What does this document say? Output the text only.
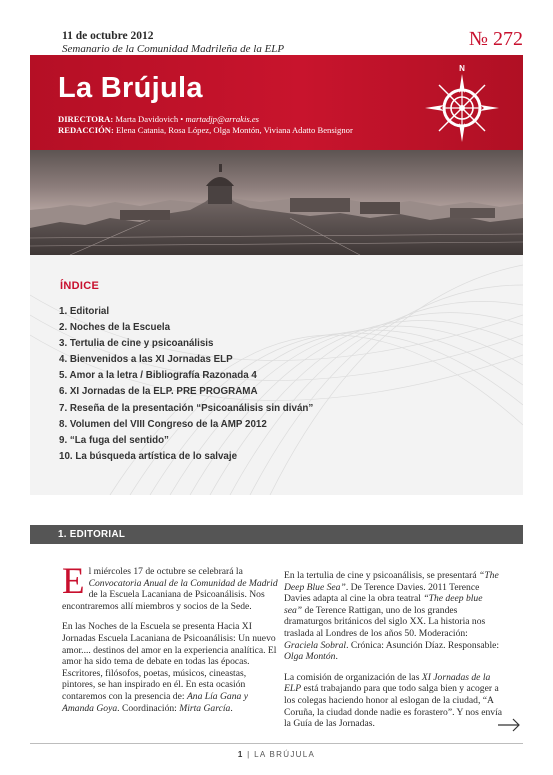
11 de octubre 2012
Semanario de la Comunidad Madrileña de la ELP	№ 272
La Brújula
DIRECTORA: Marta Davidovich • martadjp@arrakis.es
REDACCIÓN: Elena Catania, Rosa López, Olga Montón, Viviana Adatto Bensignor
N
ÍNDICE
1. Editorial
2. Noches de la Escuela
3. Tertulia de cine y psicoanálisis
4. Bienvenidos a las XI Jornadas ELP
5. Amor a la letra / Bibliografía Razonada 4
6. XI Jornadas de la ELP. PRE PROGRAMA
7. Reseña de la presentación “Psicoanálisis sin diván”
8. Volumen del VIII Congreso de la AMP 2012
9. “La fuga del sentido”
10. La búsqueda artística de lo salvaje
1. EDITORIAL

El miércoles 17 de octubre se celebrará la Convocatoria Anual de la Comunidad de Madrid de la Escuela Lacaniana de Psicoanálisis. Nos encontraremos allí miembros y socios de la Sede.

En las Noches de la Escuela se presenta Hacia XI Jornadas Escuela Lacaniana de Psicoanálisis: Un nuevo amor.... destinos del amor en la experiencia analítica. El amor ha sido tema de debate en todas las épocas. Escritores, filósofos, poetas, músicos, cineastas, pintores, se han inspirado en él. En esta ocasión contaremos con la presencia de: Ana Lía Gana y Amanda Goya. Coordinación: Mirta García.

En la tertulia de cine y psicoanálisis, se presentará “The Deep Blue Sea”. De Terence Davies. 2011 Terence Davies adapta al cine la obra teatral “The deep blue sea” de Terence Rattigan, uno de los grandes dramaturgos británicos del siglo XX. La historia nos traslada al Londres de los años 50. Moderación: Graciela Sobral. Crónica: Asunción Díaz. Responsable: Olga Montón.

La comisión de organización de las XI Jornadas de la ELP está trabajando para que todo salga bien y acoger a los colegas haciendo honor al eslogan de la ciudad, “A Coruña, la ciudad donde nadie es forastero”. Y nos envía la Guía de las Jornadas.

1 | LA BRÚJULA
